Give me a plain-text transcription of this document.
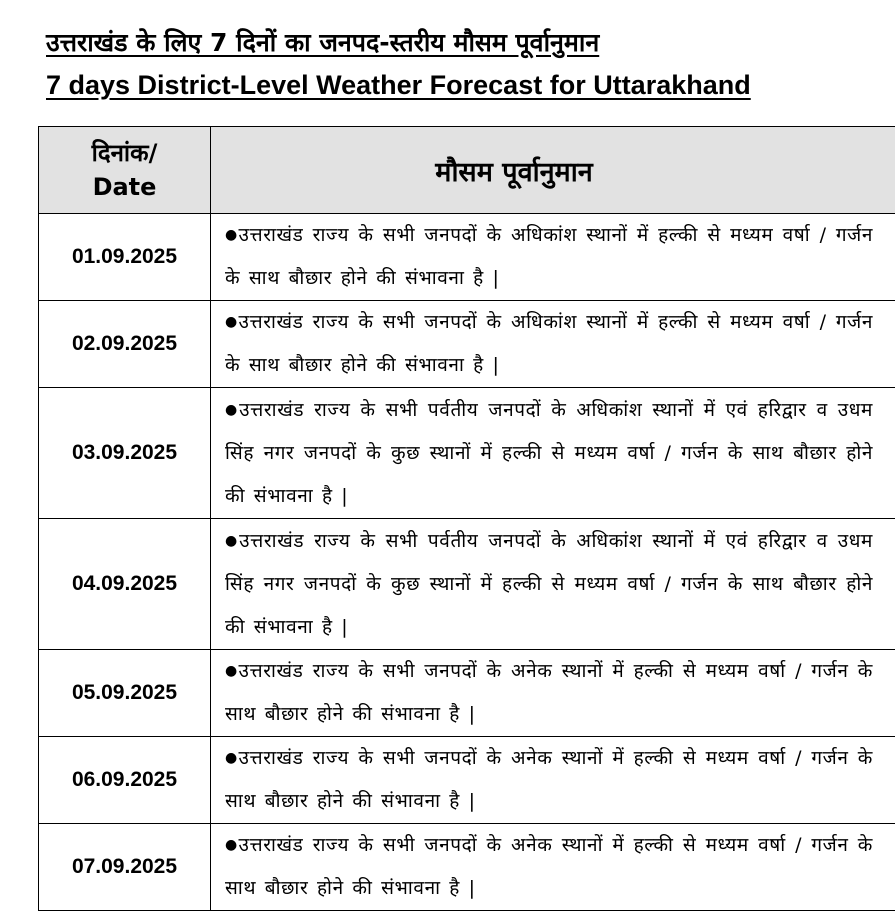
उत्तराखंड के लिए 7 दिनों का जनपद-स्तरीय मौसम पूर्वानुमान
7 days District-Level Weather Forecast for Uttarakhand
दिनांक/
Date	मौसम पूर्वानुमान
01.09.2025	●उत्तराखंड राज्य के सभी जनपदों के अधिकांश स्थानों में हल्की से मध्यम वर्षा / गर्जन के साथ बौछार होने की संभावना है |

02.09.2025	●उत्तराखंड राज्य के सभी जनपदों के अधिकांश स्थानों में हल्की से मध्यम वर्षा / गर्जन के साथ बौछार होने की संभावना है |

03.09.2025	●उत्तराखंड राज्य के सभी पर्वतीय जनपदों के अधिकांश स्थानों में एवं हरिद्वार व उधम सिंह नगर जनपदों के कुछ स्थानों में हल्की से मध्यम वर्षा / गर्जन के साथ बौछार होने की संभावना है |

04.09.2025	●उत्तराखंड राज्य के सभी पर्वतीय जनपदों के अधिकांश स्थानों में एवं हरिद्वार व उधम सिंह नगर जनपदों के कुछ स्थानों में हल्की से मध्यम वर्षा / गर्जन के साथ बौछार होने की संभावना है |

05.09.2025	●उत्तराखंड राज्य के सभी जनपदों के अनेक स्थानों में हल्की से मध्यम वर्षा / गर्जन के साथ बौछार होने की संभावना है |

06.09.2025	●उत्तराखंड राज्य के सभी जनपदों के अनेक स्थानों में हल्की से मध्यम वर्षा / गर्जन के साथ बौछार होने की संभावना है |

07.09.2025	●उत्तराखंड राज्य के सभी जनपदों के अनेक स्थानों में हल्की से मध्यम वर्षा / गर्जन के साथ बौछार होने की संभावना है |
